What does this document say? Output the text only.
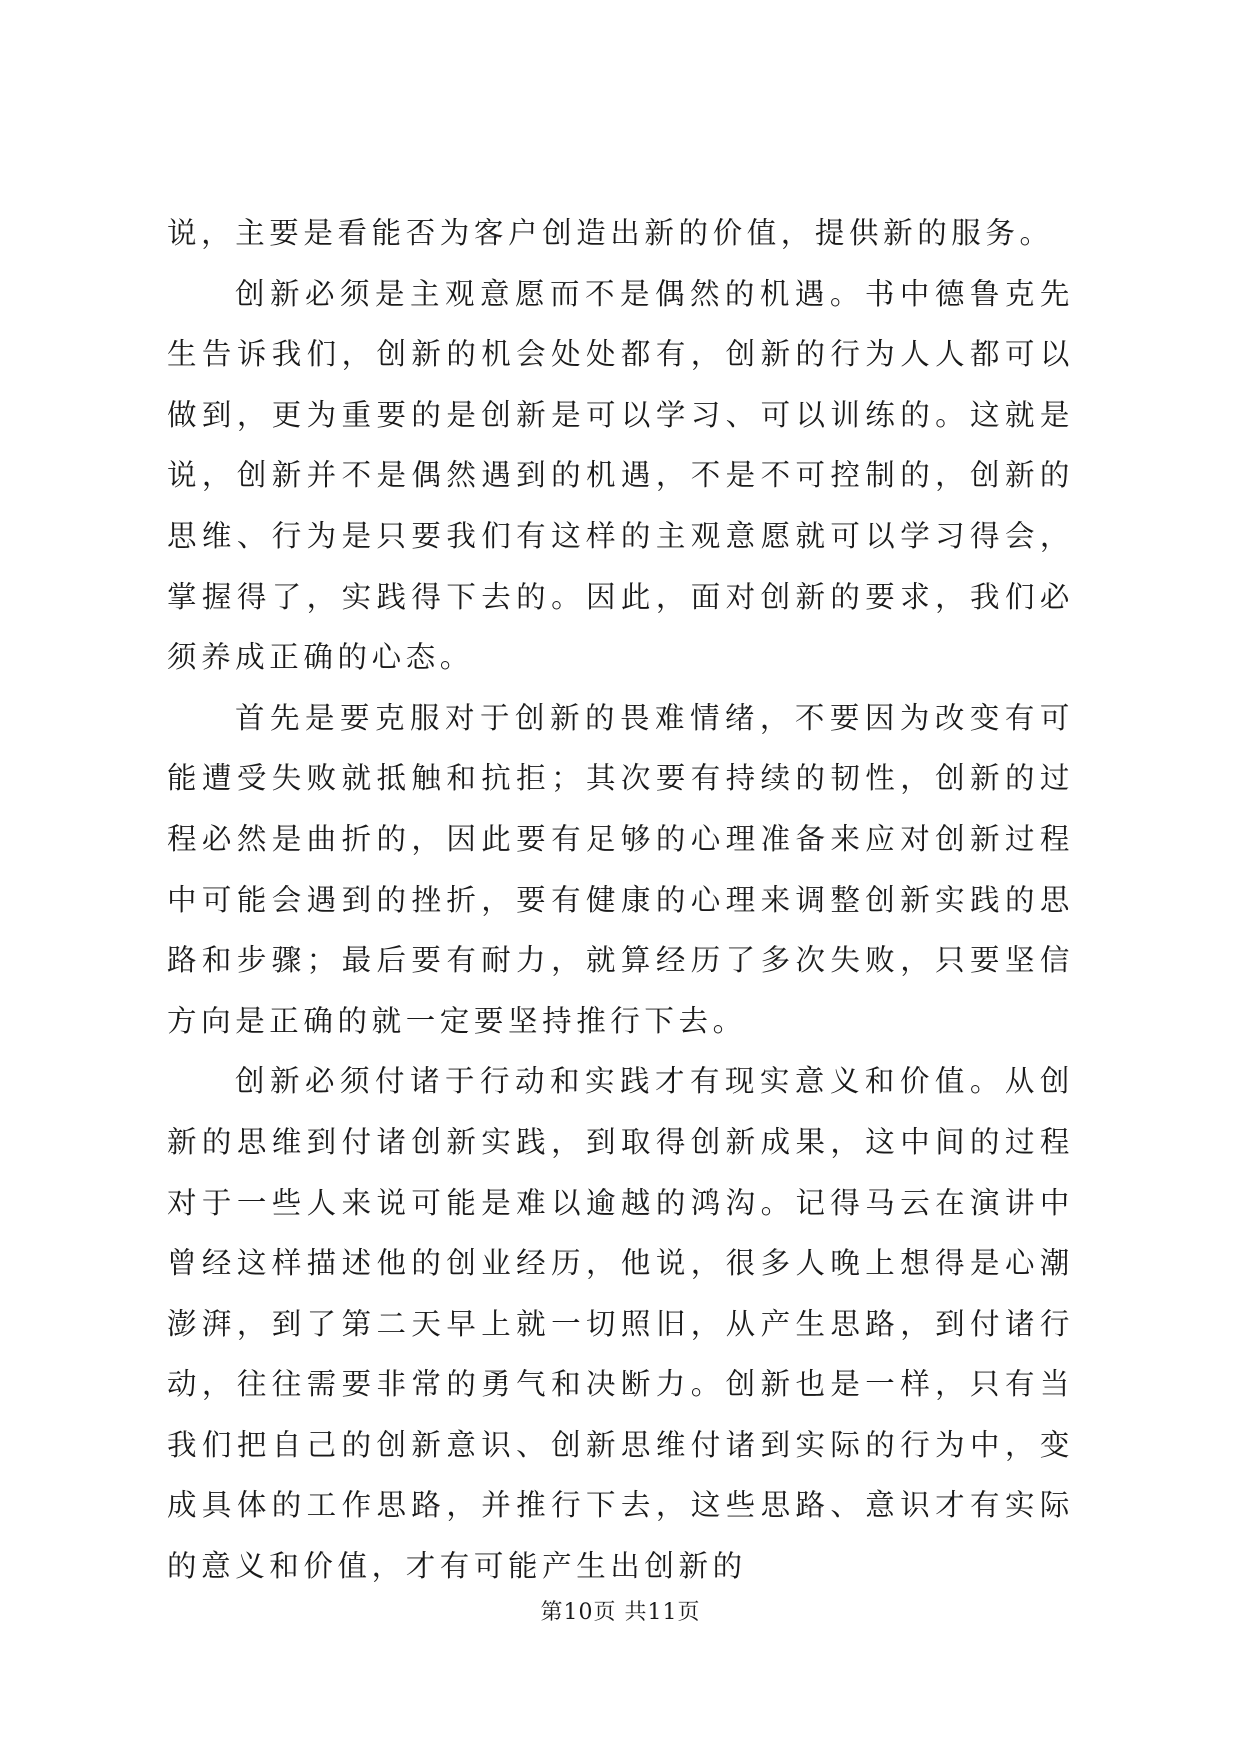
说，主要是看能否为客户创造出新的价值，提供新的服务。

创新必须是主观意愿而不是偶然的机遇。书中德鲁克先生告诉我们，创新的机会处处都有，创新的行为人人都可以做到，更为重要的是创新是可以学习、可以训练的。这就是说，创新并不是偶然遇到的机遇，不是不可控制的，创新的思维、行为是只要我们有这样的主观意愿就可以学习得会，掌握得了，实践得下去的。因此，面对创新的要求，我们必须养成正确的心态。

首先是要克服对于创新的畏难情绪，不要因为改变有可能遭受失败就抵触和抗拒；其次要有持续的韧性，创新的过程必然是曲折的，因此要有足够的心理准备来应对创新过程中可能会遇到的挫折，要有健康的心理来调整创新实践的思路和步骤；最后要有耐力，就算经历了多次失败，只要坚信方向是正确的就一定要坚持推行下去。

创新必须付诸于行动和实践才有现实意义和价值。从创新的思维到付诸创新实践，到取得创新成果，这中间的过程对于一些人来说可能是难以逾越的鸿沟。记得马云在演讲中曾经这样描述他的创业经历，他说，很多人晚上想得是心潮澎湃，到了第二天早上就一切照旧，从产生思路，到付诸行动，往往需要非常的勇气和决断力。创新也是一样，只有当我们把自己的创新意识、创新思维付诸到实际的行为中，变成具体的工作思路，并推行下去，这些思路、意识才有实际的意义和价值，才有可能产生出创新的

第10页 共11页
